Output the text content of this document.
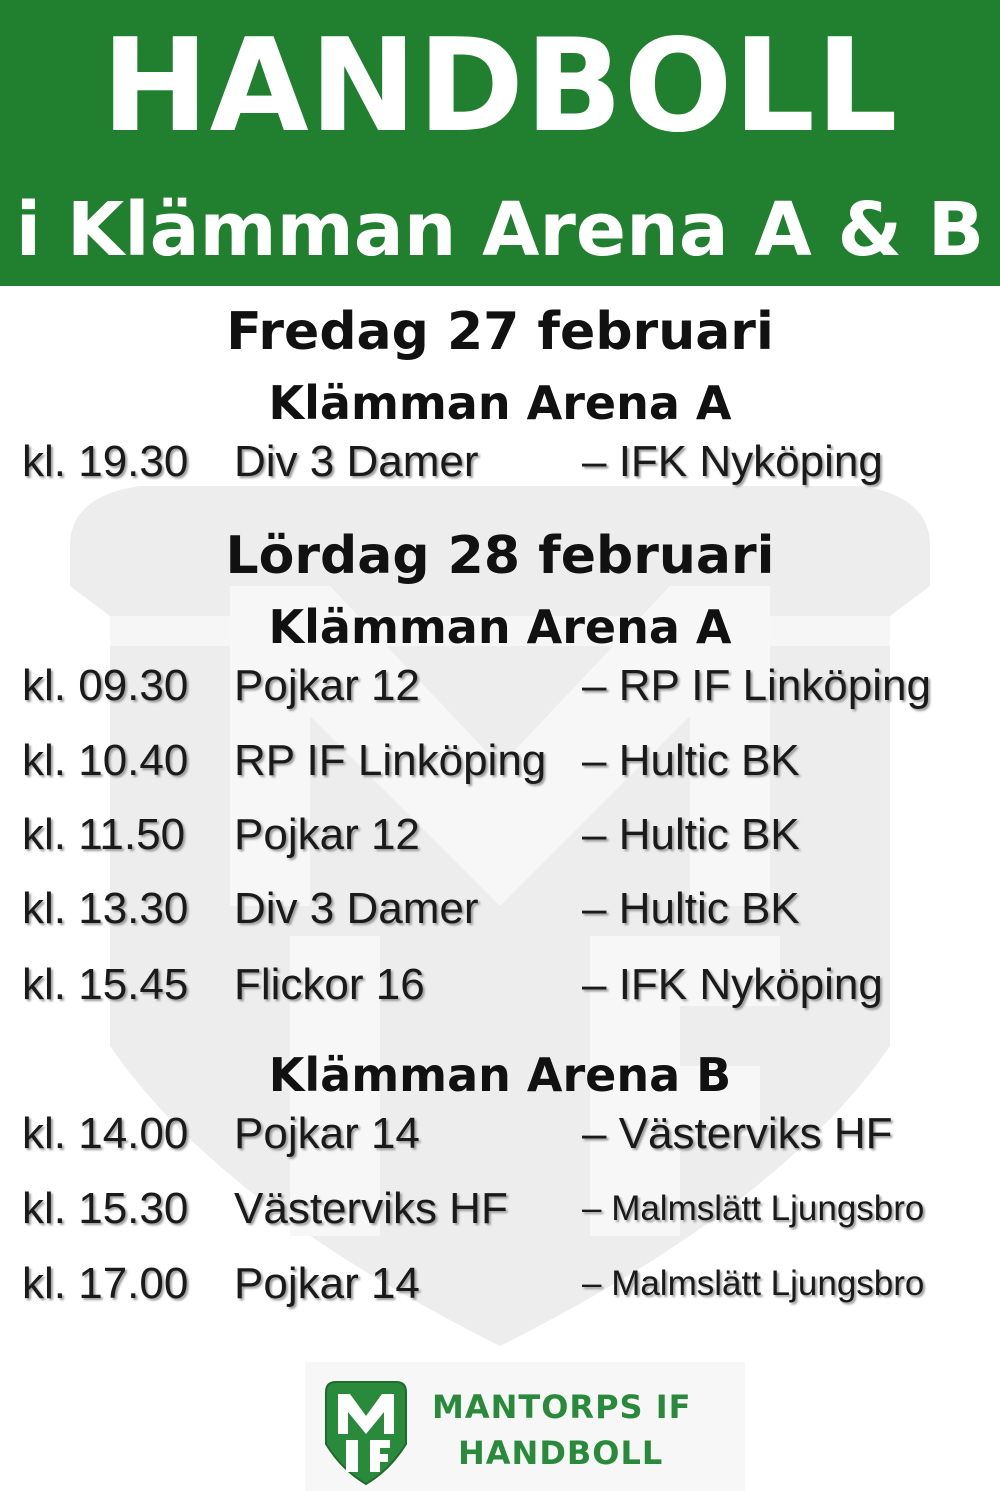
HANDBOLL
i Klämman Arena A & B
Fredag 27 februari
Klämman Arena A
kl. 19.30 Div 3 Damer – IFK Nyköping
Lördag 28 februari
Klämman Arena A
kl. 09.30 Pojkar 12	– RP IF Linköping
kl. 10.40 RP IF Linköping – Hultic BK
kl. 11.50 Pojkar 12	– Hultic BK
kl. 13.30 Div 3 Damer – Hultic BK
kl. 15.45 Flickor 16	– IFK Nyköping
Klämman Arena B
kl. 14.00 Pojkar 14	– Västerviks HF
kl. 15.30 Västerviks HF – Malmslätt Ljungsbro
kl. 17.00 Pojkar 14	– Malmslätt Ljungsbro
MANTORPS IF
HANDBOLL
